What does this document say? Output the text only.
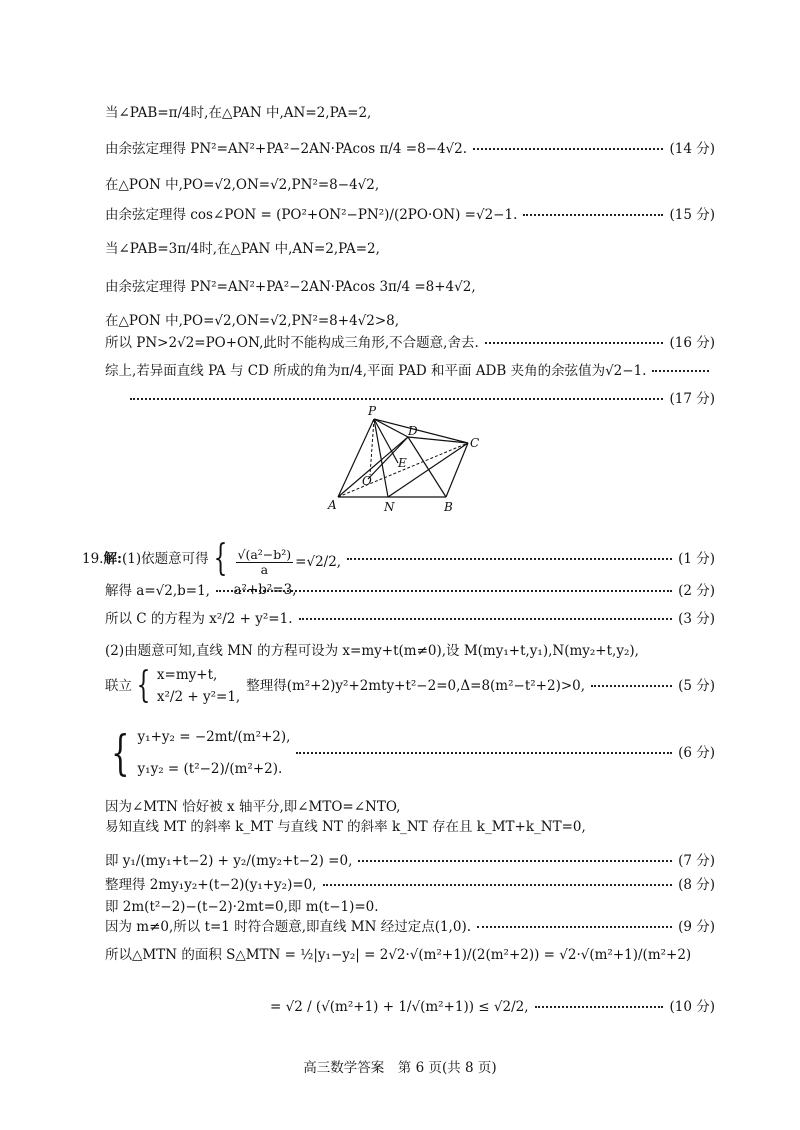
当∠PAB=π/4时,在△PAN 中,AN=2,PA=2,
由余弦定理得 PN²=AN²+PA²−2AN·PAcos π/4 =8−4√2.	(14 分)
在△PON 中,PO=√2,ON=√2,PN²=8−4√2,
由余弦定理得 cos∠PON = (PO²+ON²−PN²)/(2PO·ON) =√2−1.	(15 分)
当∠PAB=3π/4时,在△PAN 中,AN=2,PA=2,
由余弦定理得 PN²=AN²+PA²−2AN·PAcos 3π/4 =8+4√2,
在△PON 中,PO=√2,ON=√2,PN²=8+4√2>8,
所以 PN>2√2=PO+ON,此时不能构成三角形,不合题意,舍去.	(16 分)
综上,若异面直线 PA 与 CD 所成的角为π/4,平面 PAD 和平面 ADB 夹角的余弦值为√2−1.
(17 分)
P
D
C
E
O
A	N	B
19. 解: (1)依题意可得 { $\frac{\text{√(a²−b²)}}{a} =√2/2$,
a²+b²=3,
(1 分)
解得 a=√2,b=1,	(2 分)
所以 C 的方程为 x²/2 + y²=1.	(3 分)
(2)由题意可知,直线 MN 的方程可设为 x=my+t(m≠0),设 M(my₁+t,y₁),N(my₂+t,y₂),
联立 { x=my+t,
x²/2 + y²=1,
整理得(m²+2)y²+2mty+t²−2=0,Δ=8(m²−t²+2)>0,	(5 分)
{ y₁+y₂ = −2mt/(m²+2),
y₁y₂ = (t²−2)/(m²+2).
(6 分)
因为∠MTN 恰好被 x 轴平分,即∠MTO=∠NTO,
易知直线 MT 的斜率 k_MT 与直线 NT 的斜率 k_NT 存在且 k_MT+k_NT=0,
即 y₁/(my₁+t−2) + y₂/(my₂+t−2) =0,	(7 分)
整理得 2my₁y₂+(t−2)(y₁+y₂)=0,	(8 分)
即 2m(t²−2)−(t−2)·2mt=0,即 m(t−1)=0.
因为 m≠0,所以 t=1 时符合题意,即直线 MN 经过定点(1,0).	(9 分)
所以△MTN 的面积 S△MTN = ½|y₁−y₂| = 2√2·√(m²+1)/(2(m²+2)) = √2·√(m²+1)/(m²+2)
= √2 / (√(m²+1) + 1/√(m²+1)) ≤ √2/2,	(10 分)
高三数学答案　第 6 页(共 8 页)
